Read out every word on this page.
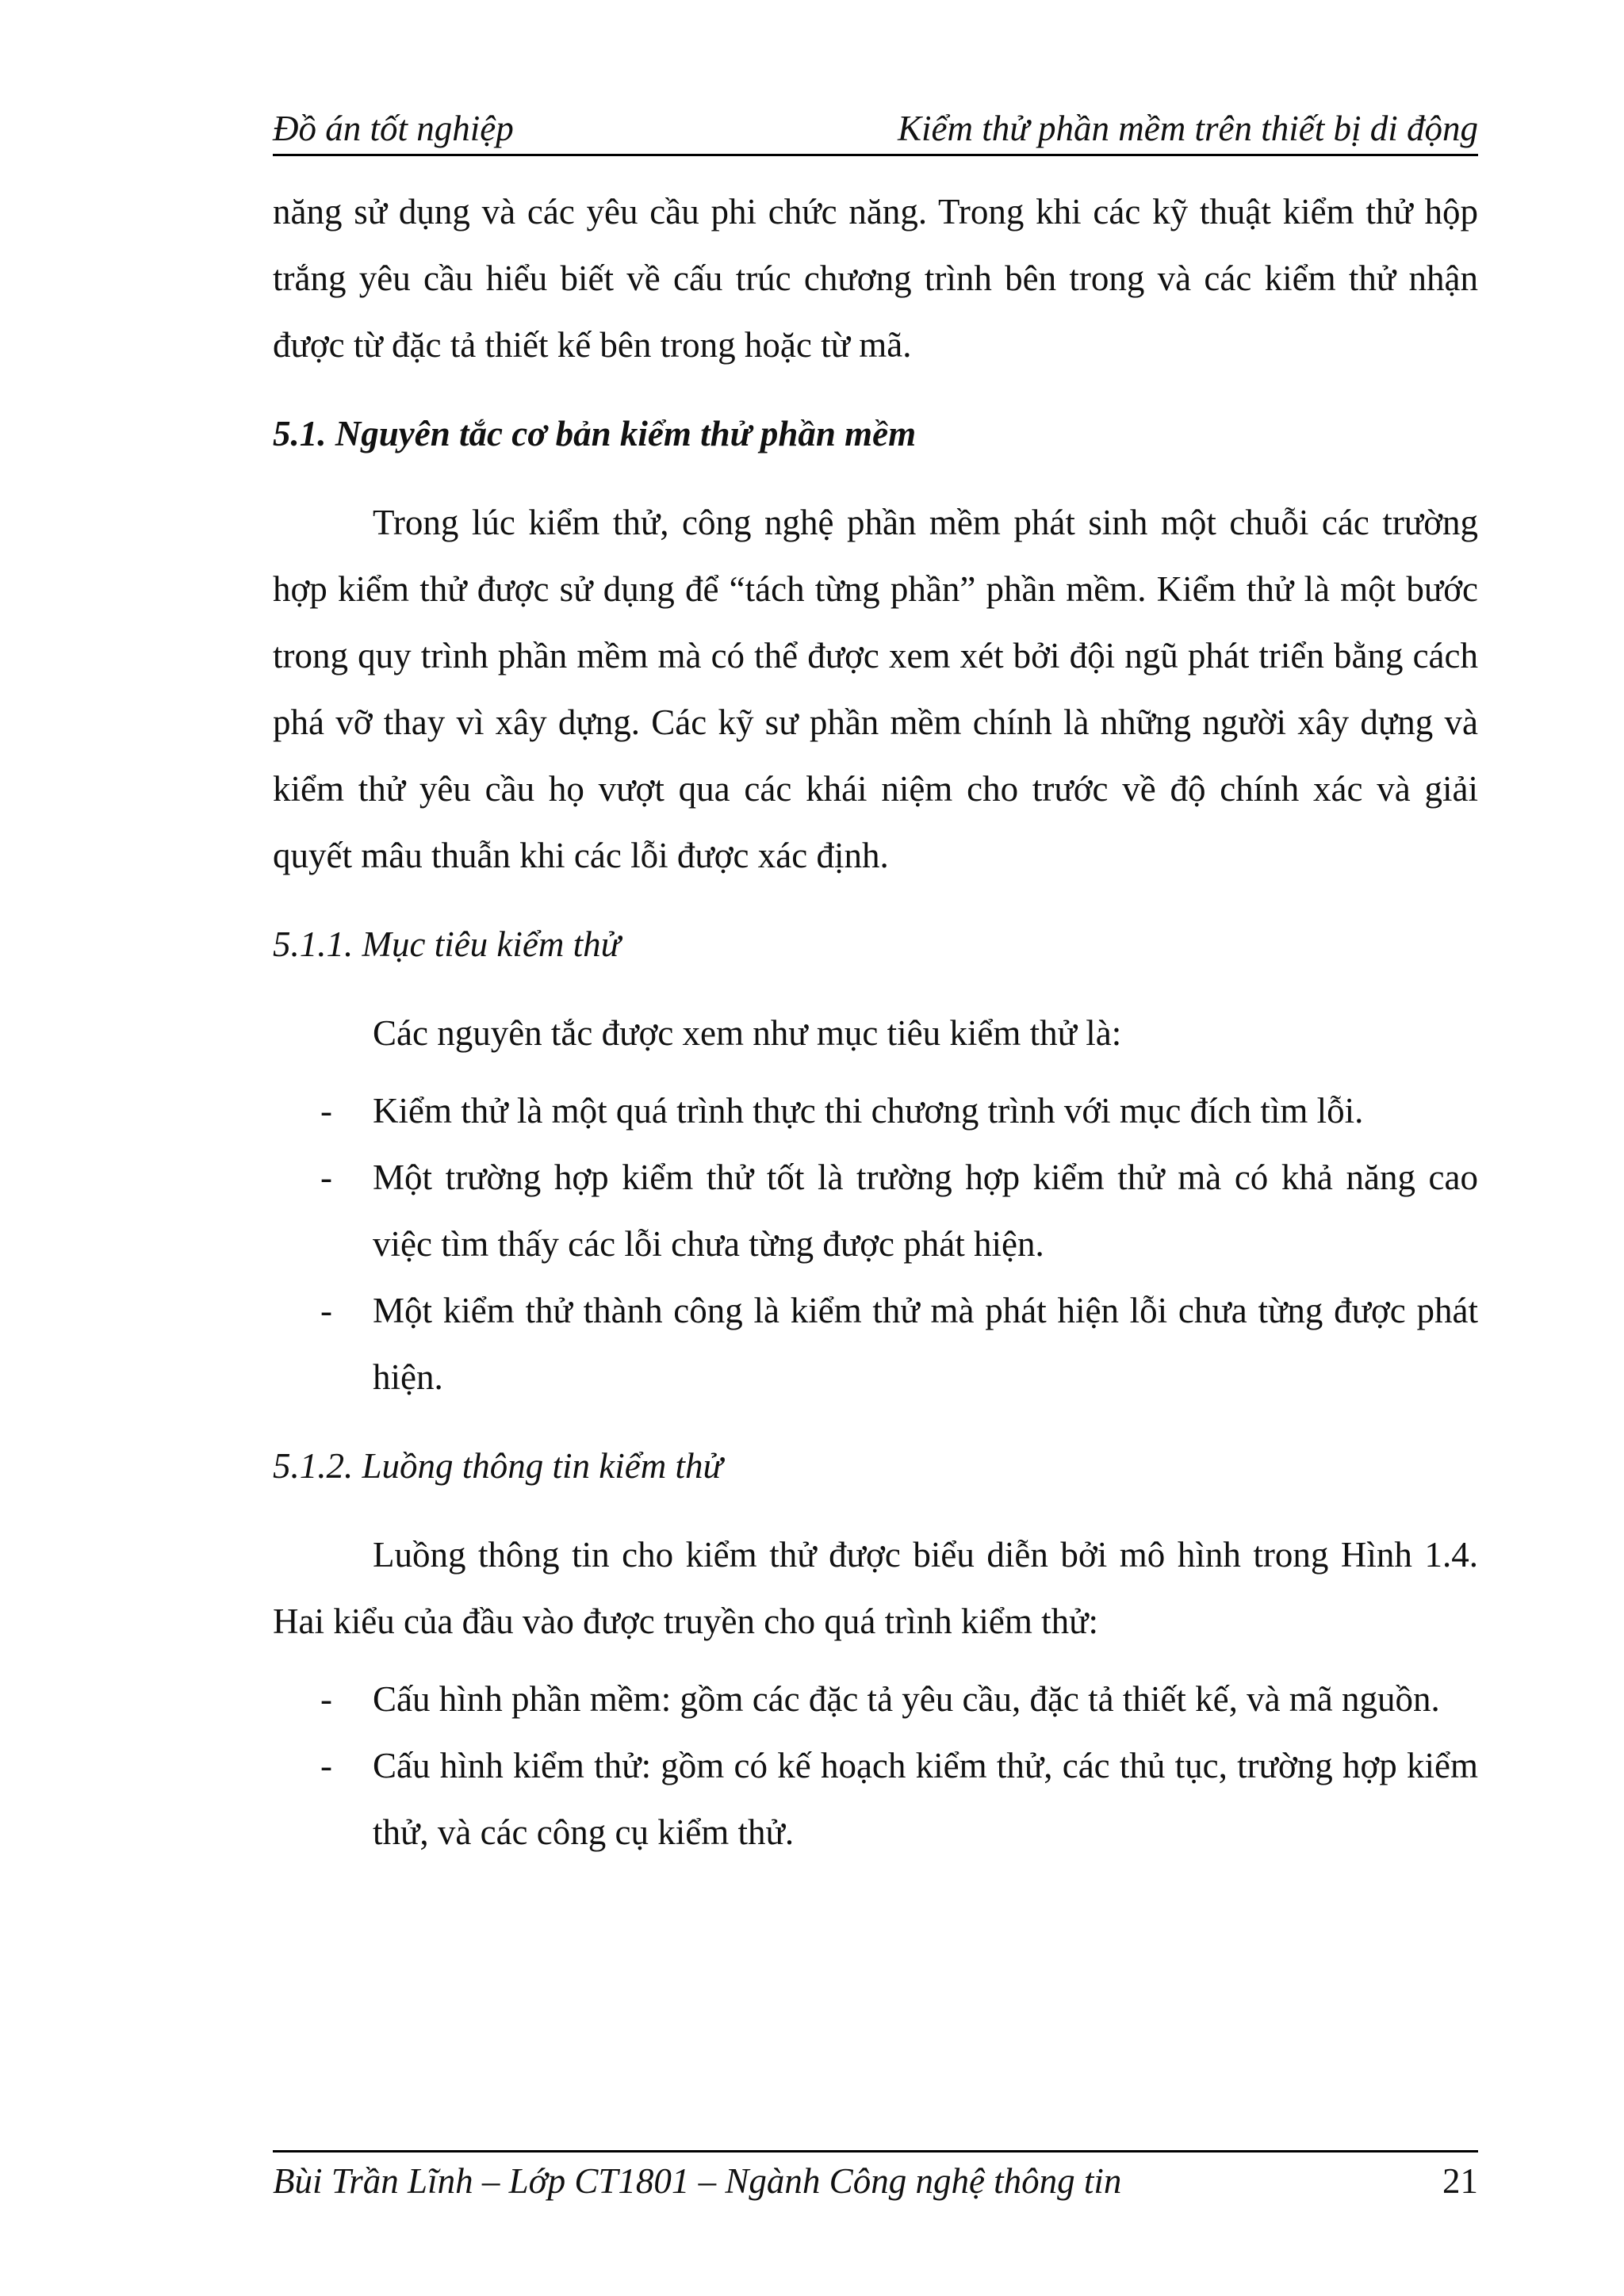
Đồ án tốt nghiệp	Kiểm thử phần mềm trên thiết bị di động

năng sử dụng và các yêu cầu phi chức năng. Trong khi các kỹ thuật kiểm thử hộp trắng yêu cầu hiểu biết về cấu trúc chương trình bên trong và các kiểm thử nhận được từ đặc tả thiết kế bên trong hoặc từ mã.

5.1. Nguyên tắc cơ bản kiểm thử phần mềm

Trong lúc kiểm thử, công nghệ phần mềm phát sinh một chuỗi các trường hợp kiểm thử được sử dụng để “tách từng phần” phần mềm. Kiểm thử là một bước trong quy trình phần mềm mà có thể được xem xét bởi đội ngũ phát triển bằng cách phá vỡ thay vì xây dựng. Các kỹ sư phần mềm chính là những người xây dựng và kiểm thử yêu cầu họ vượt qua các khái niệm cho trước về độ chính xác và giải quyết mâu thuẫn khi các lỗi được xác định.

5.1.1. Mục tiêu kiểm thử

Các nguyên tắc được xem như mục tiêu kiểm thử là:

- Kiểm thử là một quá trình thực thi chương trình với mục đích tìm lỗi.
- Một trường hợp kiểm thử tốt là trường hợp kiểm thử mà có khả năng cao việc tìm thấy các lỗi chưa từng được phát hiện.
- Một kiểm thử thành công là kiểm thử mà phát hiện lỗi chưa từng được phát hiện.

5.1.2. Luồng thông tin kiểm thử

Luồng thông tin cho kiểm thử được biểu diễn bởi mô hình trong Hình 1.4. Hai kiểu của đầu vào được truyền cho quá trình kiểm thử:

- Cấu hình phần mềm: gồm các đặc tả yêu cầu, đặc tả thiết kế, và mã nguồn.
- Cấu hình kiểm thử: gồm có kế hoạch kiểm thử, các thủ tục, trường hợp kiểm thử, và các công cụ kiểm thử.
Bùi Trần Lĩnh – Lớp CT1801 – Ngành Công nghệ thông tin	21
